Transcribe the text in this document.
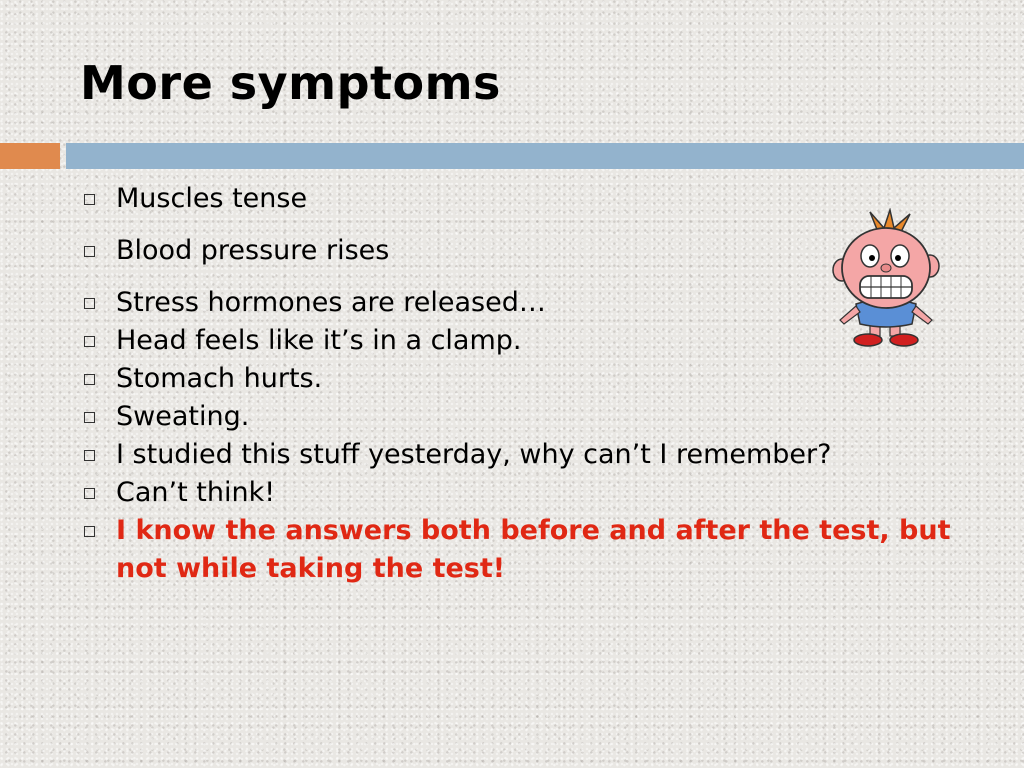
More symptoms
Muscles tense
Blood pressure rises
Stress hormones are released…
Head feels like it’s in a clamp.
Stomach hurts.
Sweating.
I studied this stuff yesterday, why can’t I remember?
Can’t think!
I know the answers both before and after the test, but not while taking the test!
